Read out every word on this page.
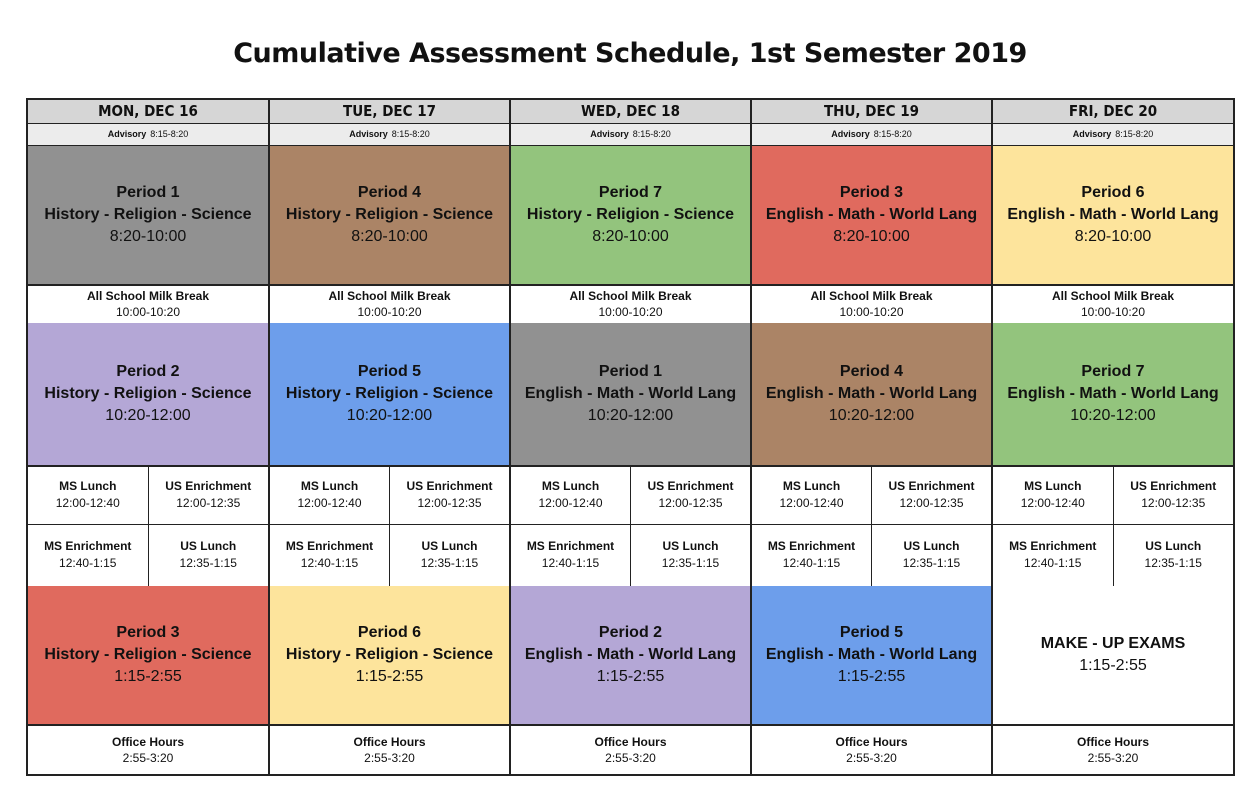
Cumulative Assessment Schedule, 1st Semester 2019
MON, DEC 16
Advisory 8:15-8:20
Period 1
History - Religion - Science
8:20-10:00
All School Milk Break
10:00-10:20
Period 2
History - Religion - Science
10:20-12:00
MS Lunch
12:00-12:40
US Enrichment
12:00-12:35
MS Enrichment
12:40-1:15
US Lunch
12:35-1:15
Period 3
History - Religion - Science
1:15-2:55
Office Hours
2:55-3:20
TUE, DEC 17
Advisory 8:15-8:20
Period 4
History - Religion - Science
8:20-10:00
All School Milk Break
10:00-10:20
Period 5
History - Religion - Science
10:20-12:00
MS Lunch
12:00-12:40
US Enrichment
12:00-12:35
MS Enrichment
12:40-1:15
US Lunch
12:35-1:15
Period 6
History - Religion - Science
1:15-2:55
Office Hours
2:55-3:20
WED, DEC 18
Advisory 8:15-8:20
Period 7
History - Religion - Science
8:20-10:00
All School Milk Break
10:00-10:20
Period 1
English - Math - World Lang
10:20-12:00
MS Lunch
12:00-12:40
US Enrichment
12:00-12:35
MS Enrichment
12:40-1:15
US Lunch
12:35-1:15
Period 2
English - Math - World Lang
1:15-2:55
Office Hours
2:55-3:20
THU, DEC 19
Advisory 8:15-8:20
Period 3
English - Math - World Lang
8:20-10:00
All School Milk Break
10:00-10:20
Period 4
English - Math - World Lang
10:20-12:00
MS Lunch
12:00-12:40
US Enrichment
12:00-12:35
MS Enrichment
12:40-1:15
US Lunch
12:35-1:15
Period 5
English - Math - World Lang
1:15-2:55
Office Hours
2:55-3:20
FRI, DEC 20
Advisory 8:15-8:20
Period 6
English - Math - World Lang
8:20-10:00
All School Milk Break
10:00-10:20
Period 7
English - Math - World Lang
10:20-12:00
MS Lunch
12:00-12:40
US Enrichment
12:00-12:35
MS Enrichment
12:40-1:15
US Lunch
12:35-1:15
MAKE - UP EXAMS
1:15-2:55
Office Hours
2:55-3:20
